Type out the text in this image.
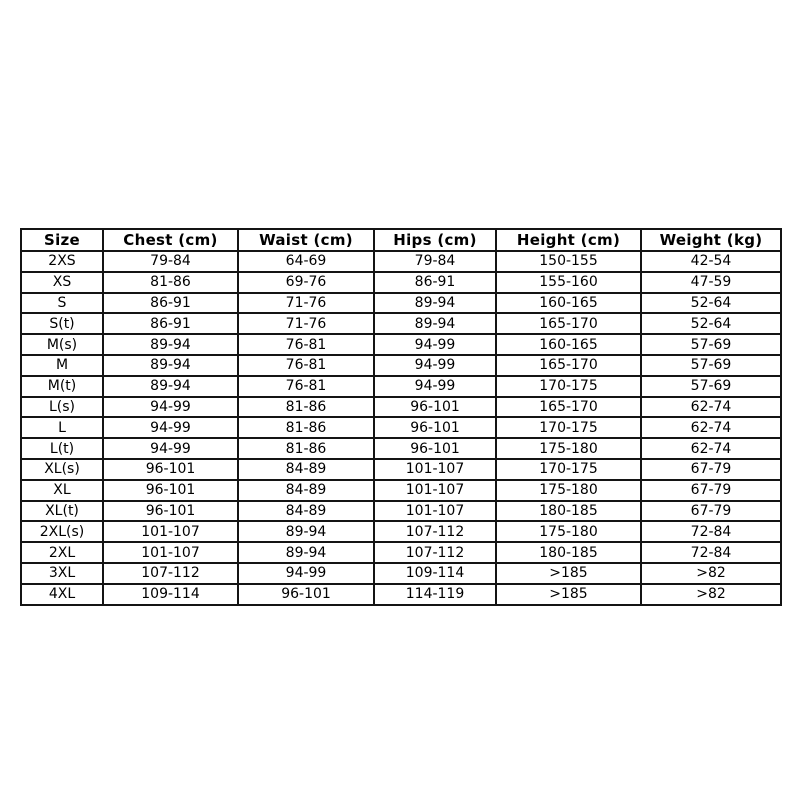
Size	Chest (cm)	Waist (cm)	Hips (cm)	Height (cm)	Weight (kg)
2XS	79-84	64-69	79-84	150-155	42-54
XS	81-86	69-76	86-91	155-160	47-59
S	86-91	71-76	89-94	160-165	52-64
S(t)	86-91	71-76	89-94	165-170	52-64
M(s)	89-94	76-81	94-99	160-165	57-69
M	89-94	76-81	94-99	165-170	57-69
M(t)	89-94	76-81	94-99	170-175	57-69
L(s)	94-99	81-86	96-101	165-170	62-74
L	94-99	81-86	96-101	170-175	62-74
L(t)	94-99	81-86	96-101	175-180	62-74
XL(s)	96-101	84-89	101-107	170-175	67-79
XL	96-101	84-89	101-107	175-180	67-79
XL(t)	96-101	84-89	101-107	180-185	67-79
2XL(s)	101-107	89-94	107-112	175-180	72-84
2XL	101-107	89-94	107-112	180-185	72-84
3XL	107-112	94-99	109-114	>185	>82
4XL	109-114	96-101	114-119	>185	>82
